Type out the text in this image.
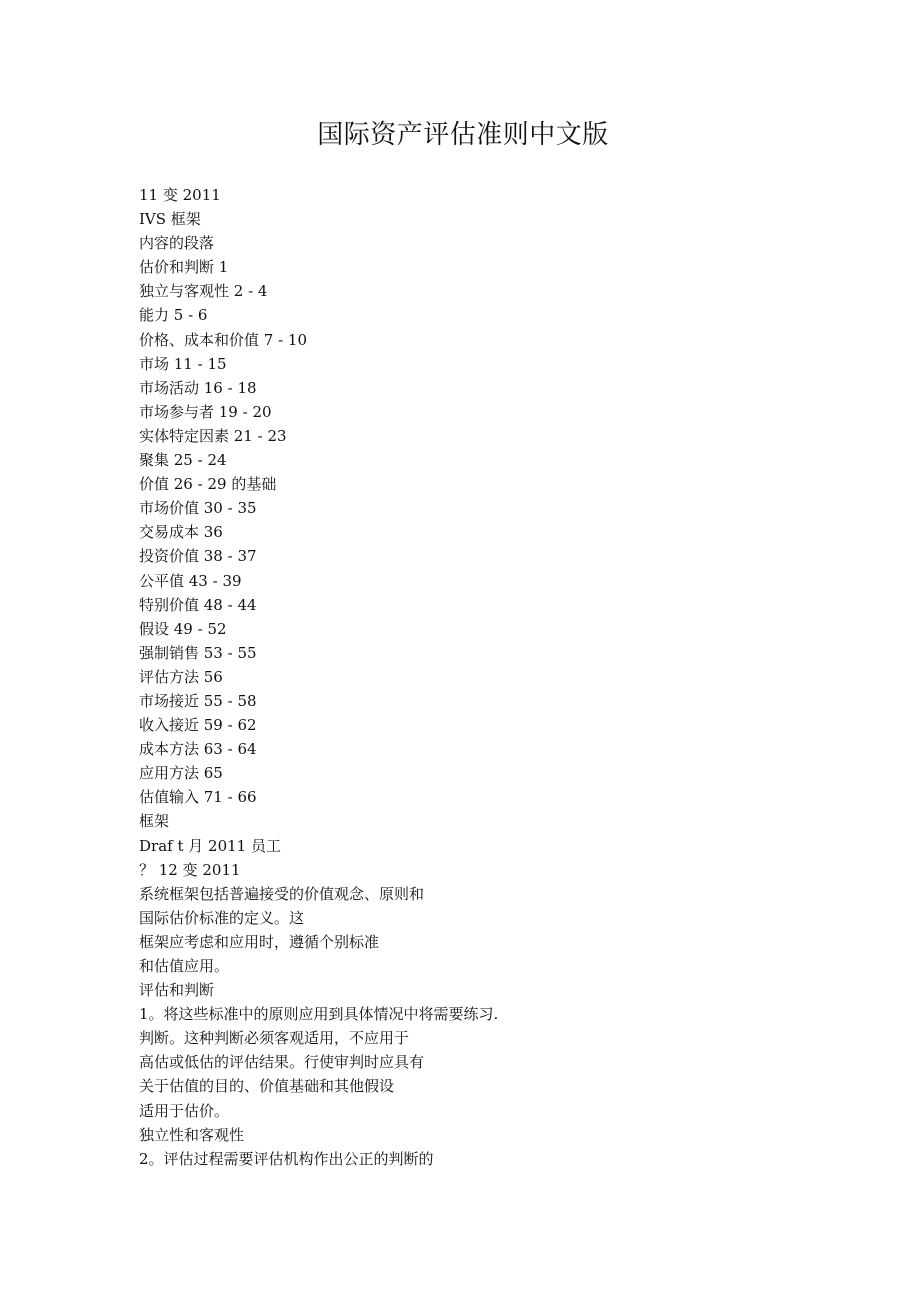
国际资产评估准则中文版
11 变 2011
IVS 框架
内容的段落
估价和判断 1
独立与客观性 2 - 4
能力 5 - 6
价格、成本和价值 7 - 10
市场 11 - 15
市场活动 16 - 18
市场参与者 19 - 20
实体特定因素 21 - 23
聚集 25 - 24
价值 26 - 29 的基础
市场价值 30 - 35
交易成本 36
投资价值 38 - 37
公平值 43 - 39
特别价值 48 - 44
假设 49 - 52
强制销售 53 - 55
评估方法 56
市场接近 55 - 58
收入接近 59 - 62
成本方法 63 - 64
应用方法 65
估值输入 71 - 66
框架
Draf t 月 2011 员工
？ 12 变 2011
系统框架包括普遍接受的价值观念、原则和
国际估价标准的定义。这
框架应考虑和应用时，遵循个别标准
和估值应用。
评估和判断
1。将这些标准中的原则应用到具体情况中将需要练习.
判断。这种判断必须客观适用，不应用于
高估或低估的评估结果。行使审判时应具有
关于估值的目的、价值基础和其他假设
适用于估价。
独立性和客观性
2。评估过程需要评估机构作出公正的判断的
